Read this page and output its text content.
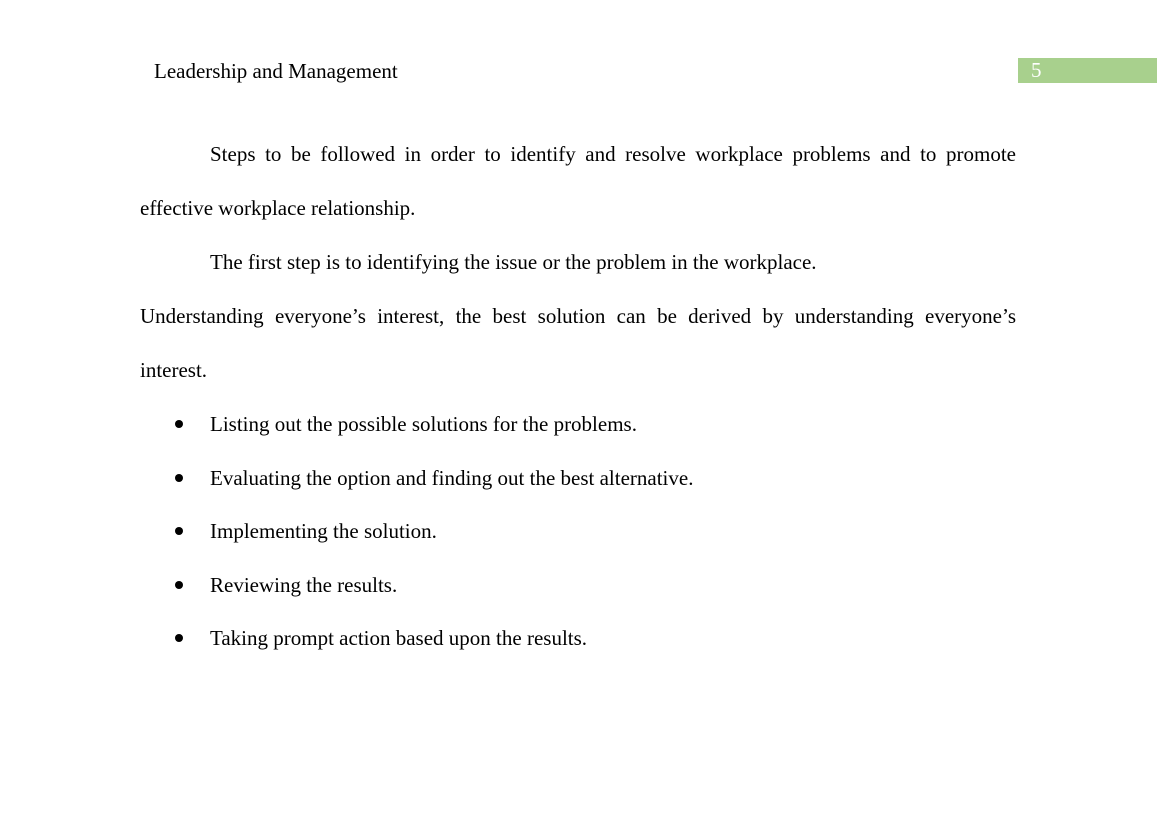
Leadership and Management	5

Steps to be followed in order to identify and resolve workplace problems and to promote effective workplace relationship.

The first step is to identifying the issue or the problem in the workplace.

Understanding everyone’s interest, the best solution can be derived by understanding everyone’s interest.

Listing out the possible solutions for the problems.
Evaluating the option and finding out the best alternative.
Implementing the solution.
Reviewing the results.
Taking prompt action based upon the results.
